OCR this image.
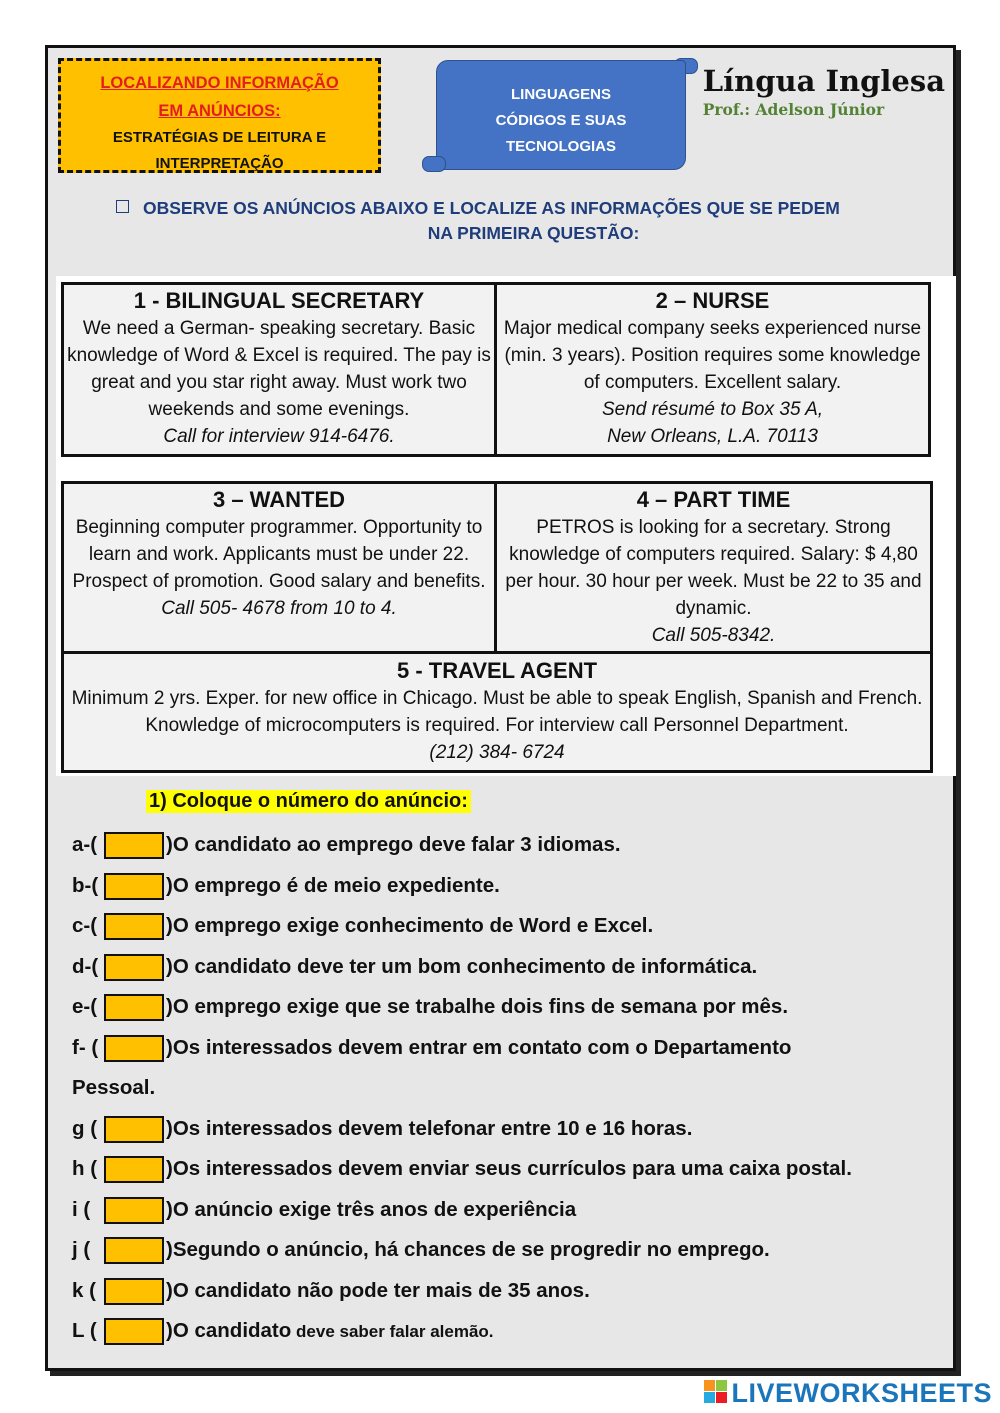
LOCALIZANDO INFORMAÇÃO
EM ANÚNCIOS:
ESTRATÉGIAS DE LEITURA E
INTERPRETAÇÃO
LINGUAGENS
CÓDIGOS E SUAS
TECNOLOGIAS
Língua Inglesa
Prof.: Adelson Júnior
OBSERVE OS ANÚNCIOS ABAIXO E LOCALIZE AS INFORMAÇÕES QUE SE PEDEM
NA PRIMEIRA QUESTÃO:
1 - BILINGUAL SECRETARY
We need a German- speaking secretary. Basic
knowledge of Word & Excel is required. The pay is
great and you star right away. Must work two
weekends and some evenings.
Call for interview 914-6476.
2 – NURSE
Major medical company seeks experienced nurse
(min. 3 years). Position requires some knowledge
of computers. Excellent salary.
Send résumé to Box 35 A,
New Orleans, L.A. 70113
3 – WANTED
Beginning computer programmer. Opportunity to
learn and work. Applicants must be under 22.
Prospect of promotion. Good salary and benefits.
Call 505- 4678 from 10 to 4.
4 – PART TIME
PETROS is looking for a secretary. Strong
knowledge of computers required. Salary: $ 4,80
per hour. 30 hour per week. Must be 22 to 35 and
dynamic.
Call 505-8342.
5 - TRAVEL AGENT
Minimum 2 yrs. Exper. for new office in Chicago. Must be able to speak English, Spanish and French.
Knowledge of microcomputers is required. For interview call Personnel Department.
(212) 384- 6724
1) Coloque o número do anúncio:
a-(	)O candidato ao emprego deve falar 3 idiomas.
b-(	)O emprego é de meio expediente.
c-(	)O emprego exige conhecimento de Word e Excel.
d-(	)O candidato deve ter um bom conhecimento de informática.
e-(	)O emprego exige que se trabalhe dois fins de semana por mês.
f- (	)Os interessados devem entrar em contato com o Departamento
Pessoal.
g (	)Os interessados devem telefonar entre 10 e 16 horas.
h (	)Os interessados devem enviar seus currículos para uma caixa postal.
i (	)O anúncio exige três anos de experiência
j (	)Segundo o anúncio, há chances de se progredir no emprego.
k (	)O candidato não pode ter mais de 35 anos.
L (	)O candidato deve saber falar alemão.
LIVEWORKSHEETS
